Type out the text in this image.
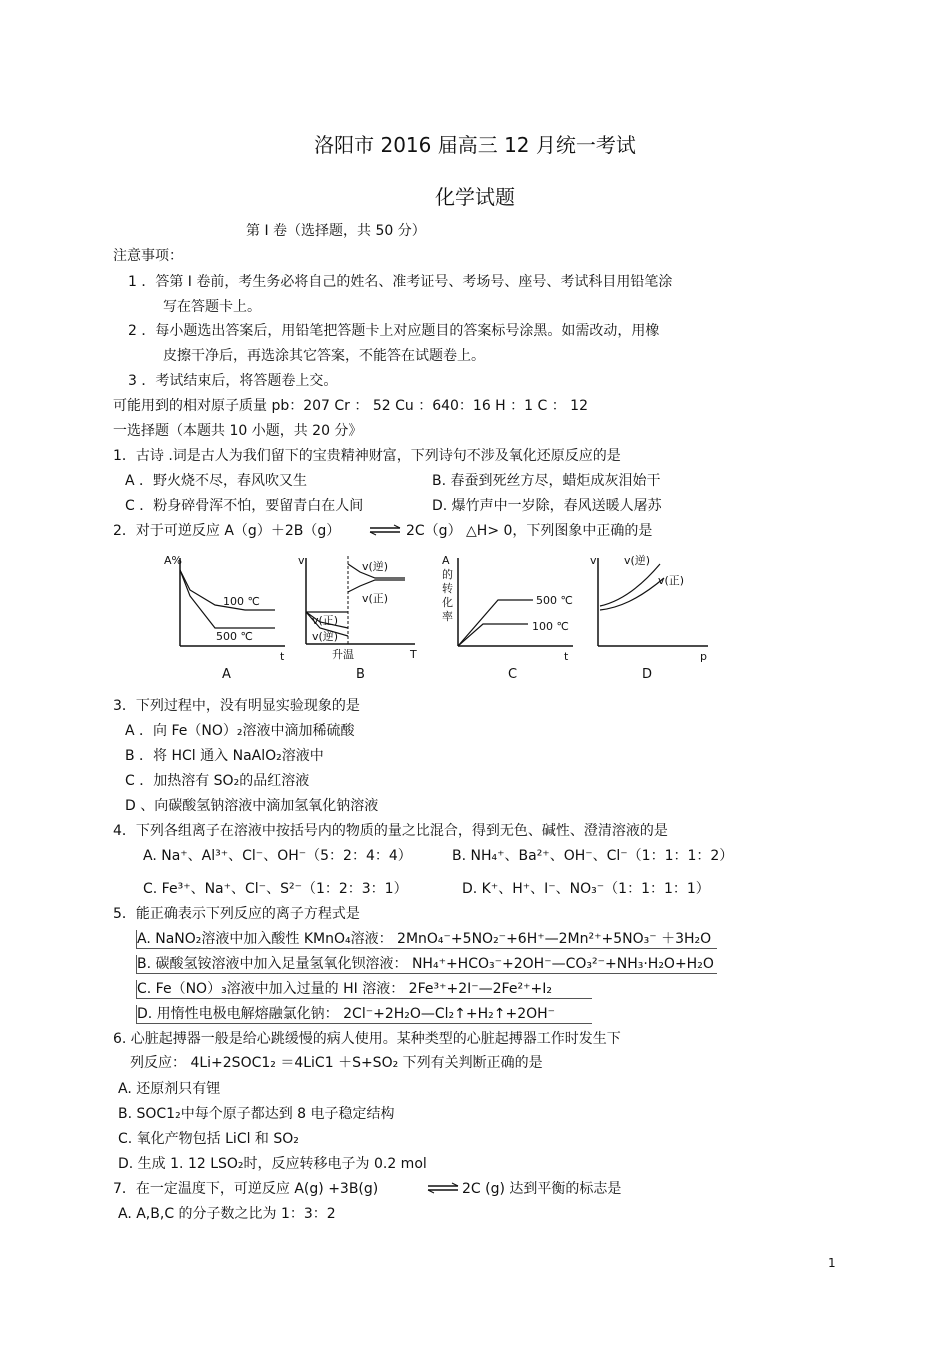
洛阳市 2016 届高三 12 月统一考试
化学试题
第 Ⅰ 卷（选择题，共 50 分）
注意事项：
1 ．答第 Ⅰ 卷前，考生务必将自己的姓名、准考证号、考场号、座号、考试科目用铅笔涂
写在答题卡上。
2 ．每小题选出答案后，用铅笔把答题卡上对应题目的答案标号涂黑。如需改动，用橡
皮擦干净后，再选涂其它答案，不能答在试题卷上。
3 ．考试结束后，将答题卷上交。
可能用到的相对原子质量 pb：207 Cr ： 52 Cu ：640：16 H ：1 C ： 12
一选择题（本题共 10 小题，共 20 分》
1．古诗 .词是古人为我们留下的宝贵精神财富，下列诗句不涉及氧化还原反应的是
A ．野火烧不尽，春风吹又生	B. 春蚕到死丝方尽，蜡炬成灰泪始干
C ．粉身碎骨浑不怕，要留青白在人间	D. 爆竹声中一岁除，春风送暖人屠苏
2．对于可逆反应 A（g）＋2B（g） ⇌ 2C（g） △H> 0，下列图象中正确的是
A%
t
100 ℃
500 ℃
A
v
T
v(逆)
v(正)
v(正)
v(逆)
升温
B
A
的
转
化
率
t
500 ℃
100 ℃
C
v
p
v(逆)
v(正)
D
3．下列过程中，没有明显实验现象的是
A ．向 Fe（NO）₂溶液中滴加稀硫酸
B ．将 HCl 通入 NaAlO₂溶液中
C ．加热溶有 SO₂的品红溶液
D 、向碳酸氢钠溶液中滴加氢氧化钠溶液
4．下列各组离子在溶液中按括号内的物质的量之比混合，得到无色、碱性、澄清溶液的是
A. Na⁺、Al³⁺、Cl⁻、OH⁻（5：2：4：4）	B. NH₄⁺、Ba²⁺、OH⁻、Cl⁻（1：1：1：2）
C. Fe³⁺、Na⁺、Cl⁻、S²⁻（1：2：3：1）	D. K⁺、H⁺、I⁻、NO₃⁻（1：1：1：1）
5．能正确表示下列反应的离子方程式是
A. NaNO₂溶液中加入酸性 KMnO₄溶液： 2MnO₄⁻+5NO₂⁻+6H⁺—2Mn²⁺+5NO₃⁻ ＋3H₂O
B. 碳酸氢铵溶液中加入足量氢氧化钡溶液： NH₄⁺+HCO₃⁻+2OH⁻—CO₃²⁻+NH₃·H₂O+H₂O
C. Fe（NO）₃溶液中加入过量的 HI 溶液： 2Fe³⁺+2I⁻—2Fe²⁺+I₂
D. 用惰性电极电解熔融氯化钠： 2Cl⁻+2H₂O—Cl₂↑+H₂↑+2OH⁻
6. 心脏起搏器一般是给心跳缓慢的病人使用。某种类型的心脏起搏器工作时发生下
列反应： 4Li+2SOC1₂ ＝4LiC1 ＋S+SO₂ 下列有关判断正确的是
A. 还原剂只有锂
B. SOC1₂中每个原子都达到 8 电子稳定结构
C. 氧化产物包括 LiCl 和 SO₂
D. 生成 1. 12 LSO₂时，反应转移电子为 0.2 mol
7．在一定温度下，可逆反应 A(g) +3B(g)	⇌ 2C (g) 达到平衡的标志是
A. A,B,C 的分子数之比为 1：3：2
1
